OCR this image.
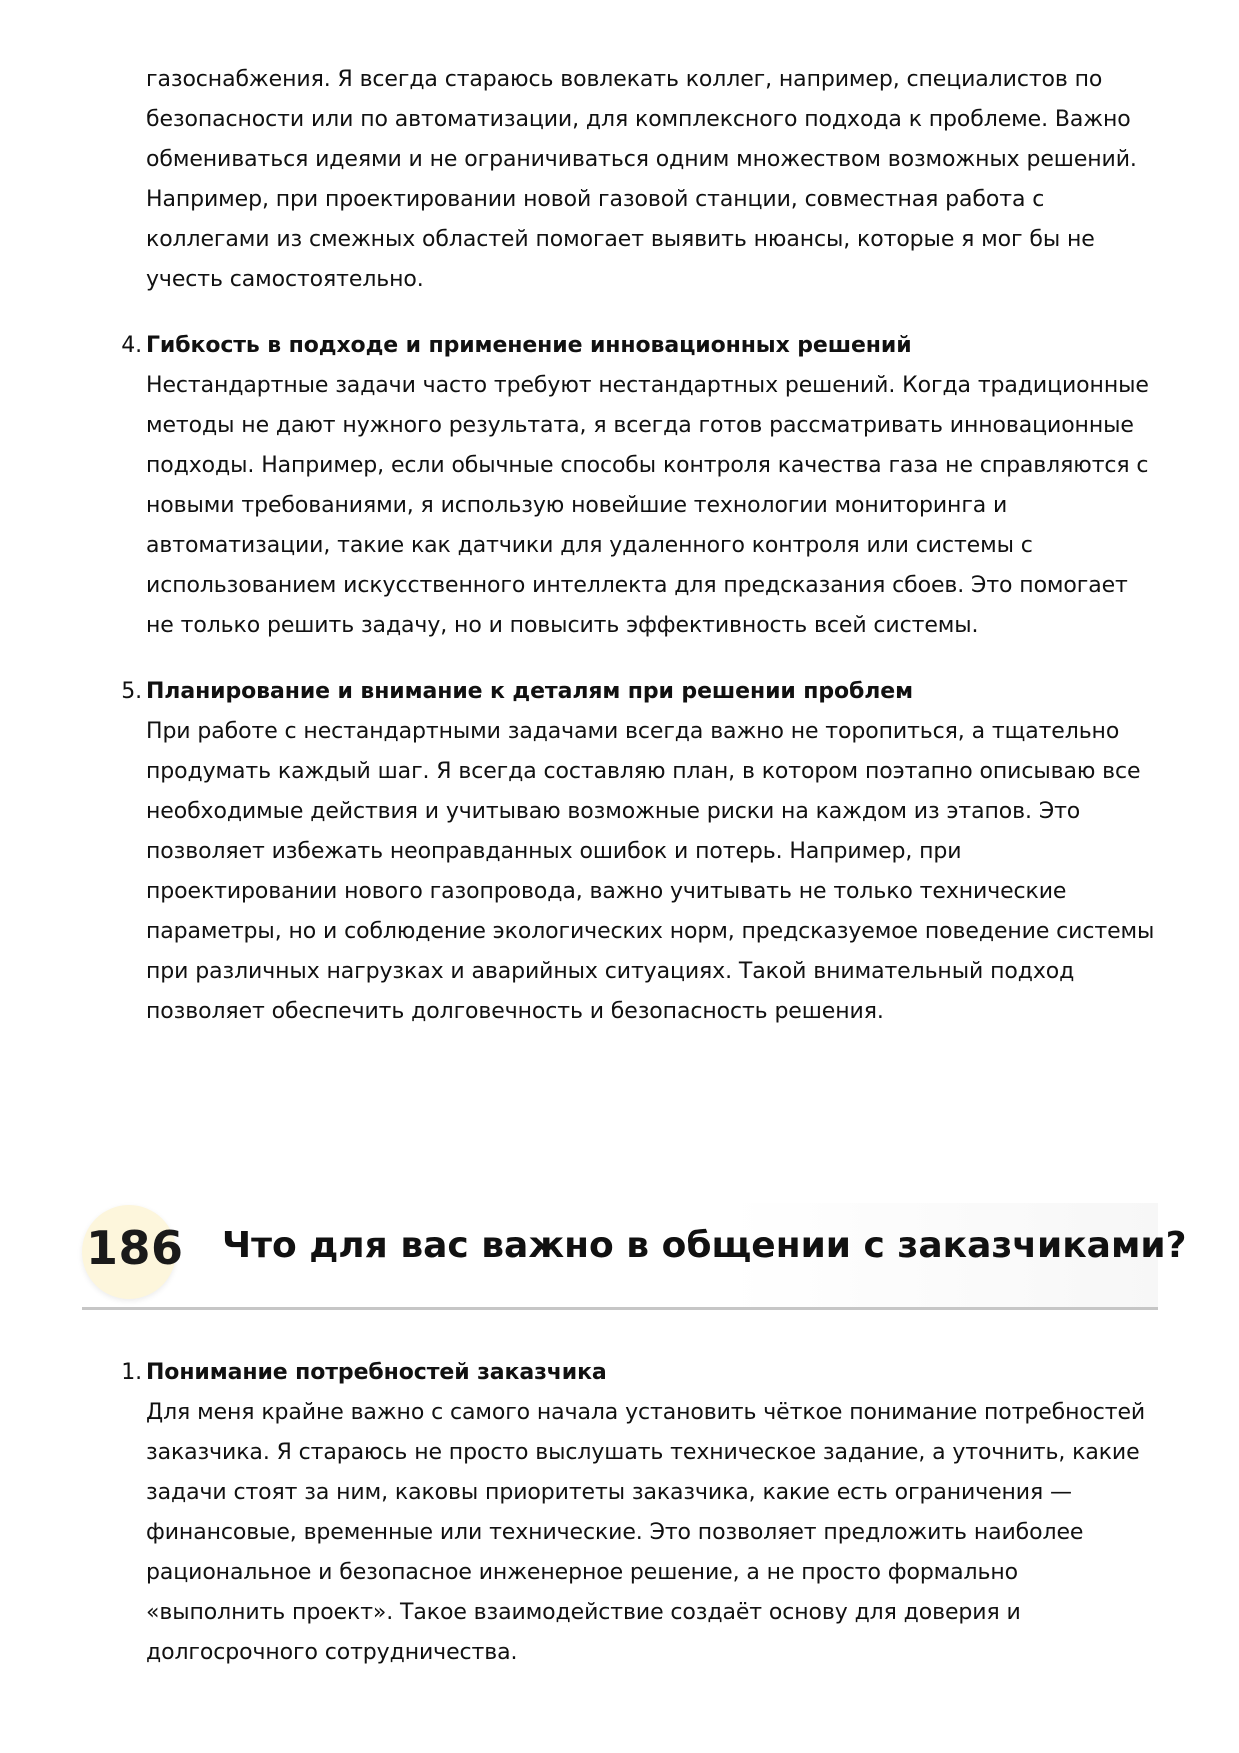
газоснабжения. Я всегда стараюсь вовлекать коллег, например, специалистов по безопасности или по автоматизации, для комплексного подхода к проблеме. Важно обмениваться идеями и не ограничиваться одним множеством возможных решений. Например, при проектировании новой газовой станции, совместная работа с коллегами из смежных областей помогает выявить нюансы, которые я мог бы не учесть самостоятельно.
4. Гибкость в подходе и применение инновационных решений
Нестандартные задачи часто требуют нестандартных решений. Когда традиционные методы не дают нужного результата, я всегда готов рассматривать инновационные подходы. Например, если обычные способы контроля качества газа не справляются с новыми требованиями, я использую новейшие технологии мониторинга и автоматизации, такие как датчики для удаленного контроля или системы с использованием искусственного интеллекта для предсказания сбоев. Это помогает не только решить задачу, но и повысить эффективность всей системы.
5. Планирование и внимание к деталям при решении проблем
При работе с нестандартными задачами всегда важно не торопиться, а тщательно продумать каждый шаг. Я всегда составляю план, в котором поэтапно описываю все необходимые действия и учитываю возможные риски на каждом из этапов. Это позволяет избежать неоправданных ошибок и потерь. Например, при проектировании нового газопровода, важно учитывать не только технические параметры, но и соблюдение экологических норм, предсказуемое поведение системы при различных нагрузках и аварийных ситуациях. Такой внимательный подход позволяет обеспечить долговечность и безопасность решения.
186 Что для вас важно в общении с заказчиками?
1. Понимание потребностей заказчика
Для меня крайне важно с самого начала установить чёткое понимание потребностей заказчика. Я стараюсь не просто выслушать техническое задание, а уточнить, какие задачи стоят за ним, каковы приоритеты заказчика, какие есть ограничения — финансовые, временные или технические. Это позволяет предложить наиболее рациональное и безопасное инженерное решение, а не просто формально «выполнить проект». Такое взаимодействие создаёт основу для доверия и долгосрочного сотрудничества.
